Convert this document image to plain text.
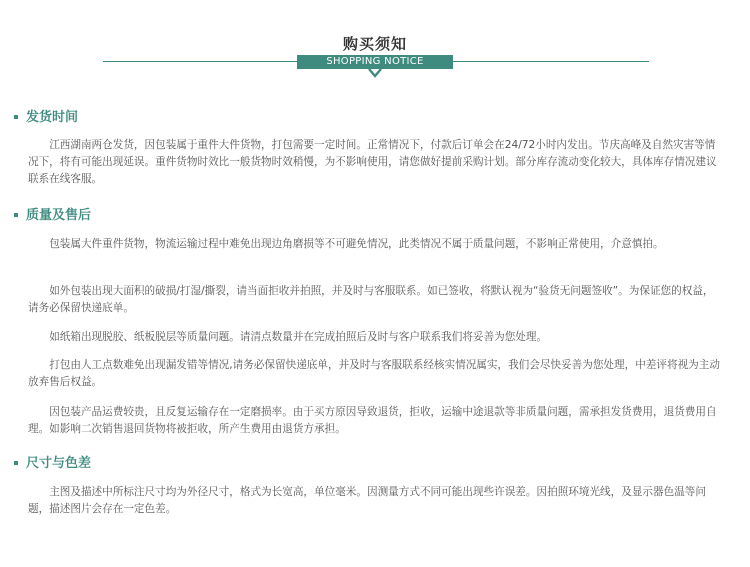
购买须知
SHOPPING NOTICE
发货时间

江西湖南两仓发货，因包装属于重件大件货物，打包需要一定时间。正常情况下，付款后订单会在24/72小时内发出。节庆高峰及自然灾害等情况下，将有可能出现延误。重件货物时效比一般货物时效稍慢，为不影响使用，请您做好提前采购计划。部分库存流动变化较大，具体库存情况建议联系在线客服。

质量及售后

包装属大件重件货物，物流运输过程中难免出现边角磨损等不可避免情况，此类情况不属于质量问题，不影响正常使用，介意慎拍。

如外包装出现大面积的破损/打湿/撕裂，请当面拒收并拍照，并及时与客服联系。如已签收，将默认视为“验货无问题签收”。为保证您的权益，请务必保留快递底单。

如纸箱出现脱胶、纸板脱层等质量问题。请清点数量并在完成拍照后及时与客户联系我们将妥善为您处理。

打包由人工点数难免出现漏发错等情况,请务必保留快递底单，并及时与客服联系经核实情况属实，我们会尽快妥善为您处理，中差评将视为主动放弃售后权益。

因包装产品运费较贵，且反复运输存在一定磨损率。由于买方原因导致退货，拒收，运输中途退款等非质量问题，需承担发货费用，退货费用自理。如影响二次销售退回货物将被拒收，所产生费用由退货方承担。

尺寸与色差

主图及描述中所标注尺寸均为外径尺寸，格式为长宽高，单位毫米。因测量方式不同可能出现些许误差。因拍照环境光线，及显示器色温等问题，描述图片会存在一定色差。
